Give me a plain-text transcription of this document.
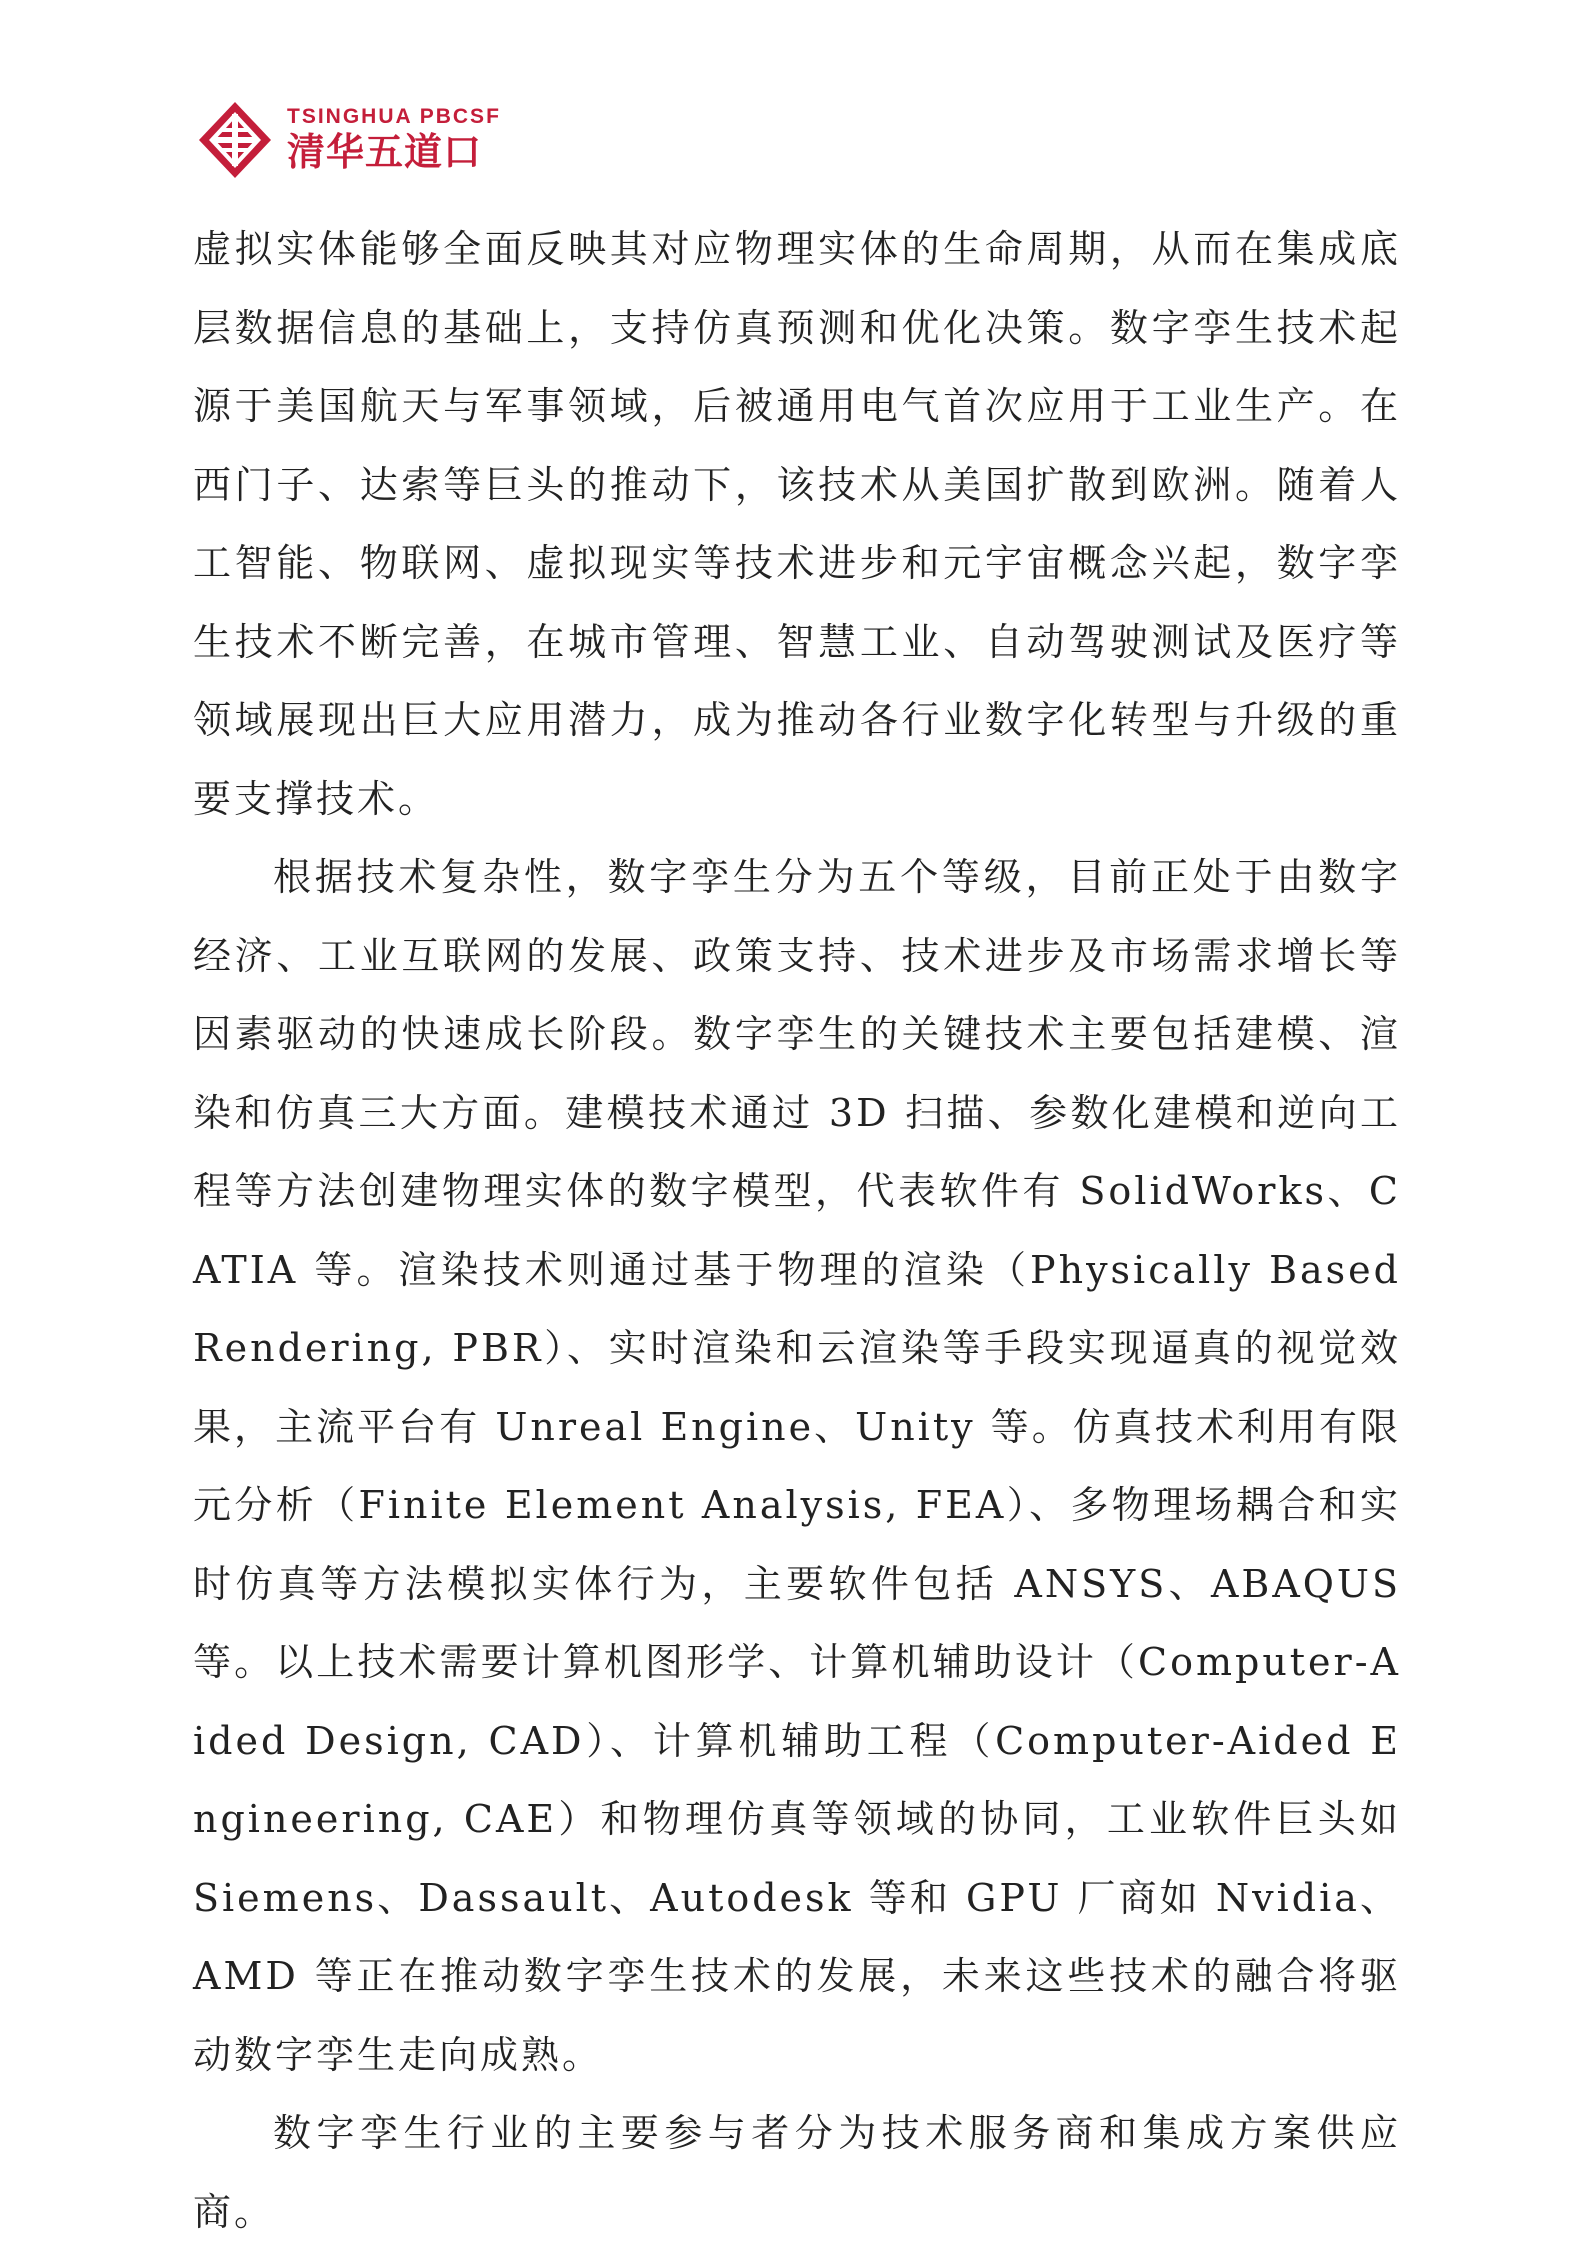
TSINGHUA PBCSF
清华五道口

虚拟实体能够全面反映其对应物理实体的生命周期，从而在集成底层数据信息的基础上，支持仿真预测和优化决策。数字孪生技术起源于美国航天与军事领域，后被通用电气首次应用于工业生产。在西门子、达索等巨头的推动下，该技术从美国扩散到欧洲。随着人工智能、物联网、虚拟现实等技术进步和元宇宙概念兴起，数字孪生技术不断完善，在城市管理、智慧工业、自动驾驶测试及医疗等领域展现出巨大应用潜力，成为推动各行业数字化转型与升级的重要支撑技术。

根据技术复杂性，数字孪生分为五个等级，目前正处于由数字经济、工业互联网的发展、政策支持、技术进步及市场需求增长等因素驱动的快速成长阶段。数字孪生的关键技术主要包括建模、渲染和仿真三大方面。建模技术通过 3D 扫描、参数化建模和逆向工程等方法创建物理实体的数字模型，代表软件有 SolidWorks、CATIA 等。渲染技术则通过基于物理的渲染（Physically Based Rendering, PBR）、实时渲染和云渲染等手段实现逼真的视觉效果，主流平台有 Unreal Engine、Unity 等。仿真技术利用有限元分析（Finite Element Analysis, FEA）、多物理场耦合和实时仿真等方法模拟实体行为，主要软件包括 ANSYS、ABAQUS 等。以上技术需要计算机图形学、计算机辅助设计（Computer-Aided Design, CAD）、计算机辅助工程（Computer-Aided Engineering, CAE）和物理仿真等领域的协同，工业软件巨头如 Siemens、Dassault、Autodesk 等和 GPU 厂商如 Nvidia、AMD 等正在推动数字孪生技术的发展，未来这些技术的融合将驱动数字孪生走向成熟。

数字孪生行业的主要参与者分为技术服务商和集成方案供应商。
